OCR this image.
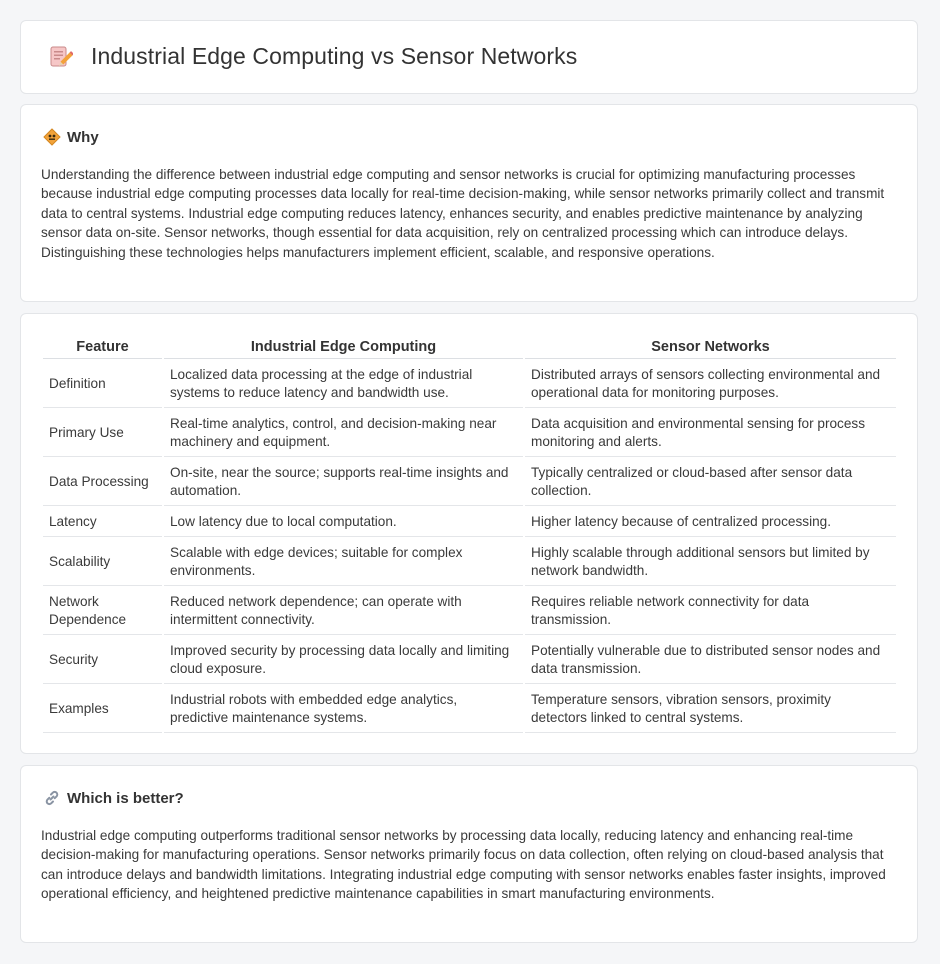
Industrial Edge Computing vs Sensor Networks
Why

Understanding the difference between industrial edge computing and sensor networks is crucial for optimizing manufacturing processes because industrial edge computing processes data locally for real-time decision-making, while sensor networks primarily collect and transmit data to central systems. Industrial edge computing reduces latency, enhances security, and enables predictive maintenance by analyzing sensor data on-site. Sensor networks, though essential for data acquisition, rely on centralized processing which can introduce delays. Distinguishing these technologies helps manufacturers implement efficient, scalable, and responsive operations.

Feature	Industrial Edge Computing	Sensor Networks
Definition	Localized data processing at the edge of industrial systems to reduce latency and bandwidth use.	Distributed arrays of sensors collecting environmental and operational data for monitoring purposes.
Primary Use	Real-time analytics, control, and decision-making near machinery and equipment.	Data acquisition and environmental sensing for process monitoring and alerts.
Data Processing	On-site, near the source; supports real-time insights and automation.	Typically centralized or cloud-based after sensor data collection.
Latency	Low latency due to local computation.	Higher latency because of centralized processing.
Scalability	Scalable with edge devices; suitable for complex environments.	Highly scalable through additional sensors but limited by network bandwidth.
Network Dependence	Reduced network dependence; can operate with intermittent connectivity.	Requires reliable network connectivity for data transmission.
Security	Improved security by processing data locally and limiting cloud exposure.	Potentially vulnerable due to distributed sensor nodes and data transmission.
Examples	Industrial robots with embedded edge analytics, predictive maintenance systems.	Temperature sensors, vibration sensors, proximity detectors linked to central systems.
Which is better?

Industrial edge computing outperforms traditional sensor networks by processing data locally, reducing latency and enhancing real-time decision-making for manufacturing operations. Sensor networks primarily focus on data collection, often relying on cloud-based analysis that can introduce delays and bandwidth limitations. Integrating industrial edge computing with sensor networks enables faster insights, improved operational efficiency, and heightened predictive maintenance capabilities in smart manufacturing environments.
